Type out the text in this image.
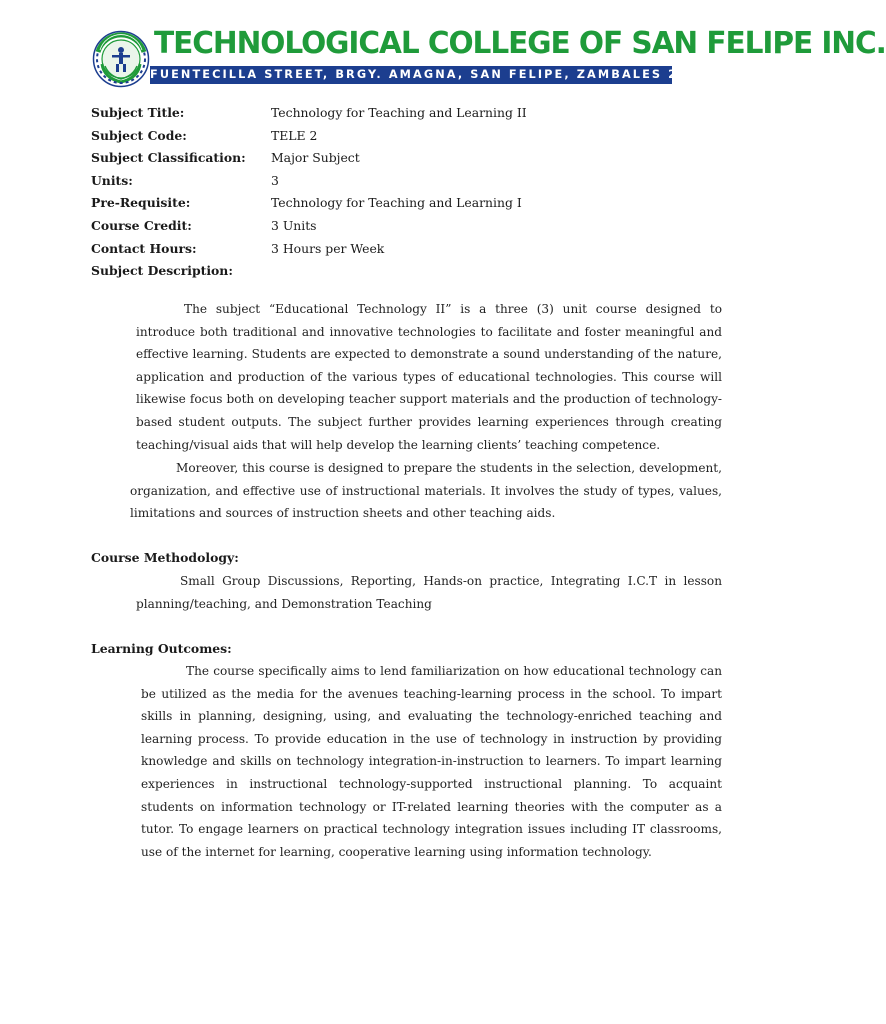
TECHNOLOGICAL COLLEGE OF SAN FELIPE INC.
FUENTECILLA STREET, BRGY. AMAGNA, SAN FELIPE, ZAMBALES 2204
Subject Title:	Technology for Teaching and Learning II
Subject Code:	TELE 2
Subject Classification: Major Subject
Units:	3
Pre-Requisite:	Technology for Teaching and Learning I
Course Credit:	3 Units
Contact Hours:	3 Hours per Week
Subject Description:
The subject “Educational Technology II” is a three (3) unit course designed to introduce both traditional and innovative technologies to facilitate and foster meaningful and effective learning. Students are expected to demonstrate a sound understanding of the nature, application and production of the various types of educational technologies. This course will likewise focus both on developing teacher support materials and the production of technology-based student outputs. The subject further provides learning experiences through creating teaching/visual aids that will help develop the learning clients’ teaching competence.
Moreover, this course is designed to prepare the students in the selection, development, organization, and effective use of instructional materials. It involves the study of types, values, limitations and sources of instruction sheets and other teaching aids.
Course Methodology:
Small Group Discussions, Reporting, Hands-on practice, Integrating I.C.T in lesson planning/teaching, and Demonstration Teaching
Learning Outcomes:
The course specifically aims to lend familiarization on how educational technology can be utilized as the media for the avenues teaching-learning process in the school. To impart skills in planning, designing, using, and evaluating the technology-enriched teaching and learning process. To provide education in the use of technology in instruction by providing knowledge and skills on technology integration-in-instruction to learners. To impart learning experiences in instructional technology-supported instructional planning. To acquaint students on information technology or IT-related learning theories with the computer as a tutor. To engage learners on practical technology integration issues including IT classrooms, use of the internet for learning, cooperative learning using information technology.
